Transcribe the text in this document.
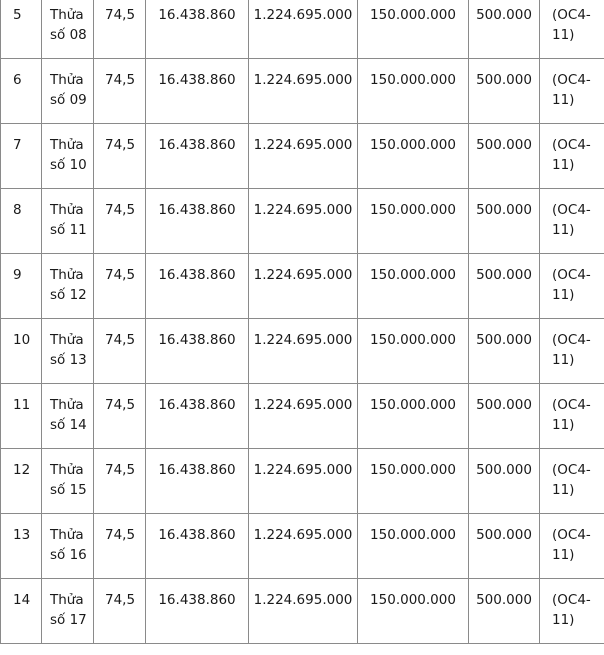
5	Thửa
số 08	74,5	16.438.860	1.224.695.000	150.000.000	500.000	(OC4-
11)

6	Thửa
số 09	74,5	16.438.860	1.224.695.000	150.000.000	500.000	(OC4-
11)

7	Thửa
số 10	74,5	16.438.860	1.224.695.000	150.000.000	500.000	(OC4-
11)

8	Thửa
số 11	74,5	16.438.860	1.224.695.000	150.000.000	500.000	(OC4-
11)

9	Thửa
số 12	74,5	16.438.860	1.224.695.000	150.000.000	500.000	(OC4-
11)

10	Thửa
số 13	74,5	16.438.860	1.224.695.000	150.000.000	500.000	(OC4-
11)

11	Thửa
số 14	74,5	16.438.860	1.224.695.000	150.000.000	500.000	(OC4-
11)

12	Thửa
số 15	74,5	16.438.860	1.224.695.000	150.000.000	500.000	(OC4-
11)

13	Thửa
số 16	74,5	16.438.860	1.224.695.000	150.000.000	500.000	(OC4-
11)

14	Thửa
số 17	74,5	16.438.860	1.224.695.000	150.000.000	500.000	(OC4-
11)
